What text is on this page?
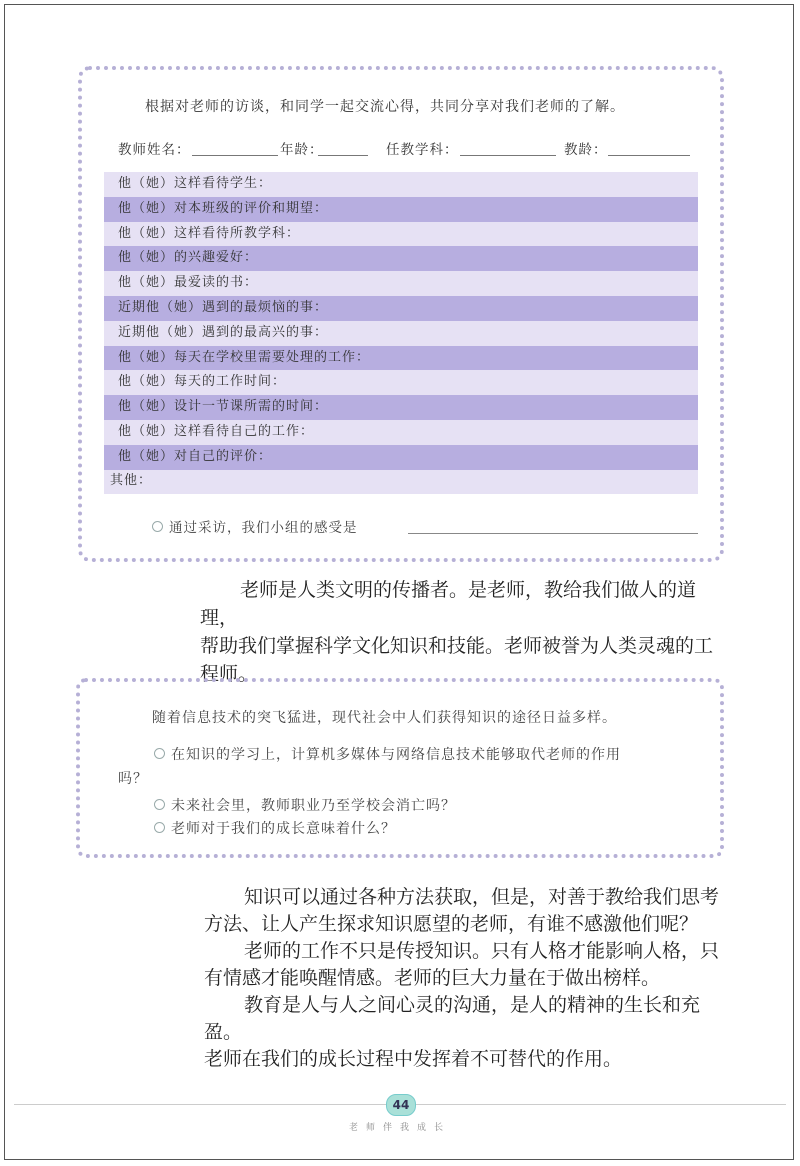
根据对老师的访谈，和同学一起交流心得，共同分享对我们老师的了解。
教师姓名：	年龄：	任教学科：	教龄：
他（她）这样看待学生：
他（她）对本班级的评价和期望：
他（她）这样看待所教学科：
他（她）的兴趣爱好：
他（她）最爱读的书：
近期他（她）遇到的最烦恼的事：
近期他（她）遇到的最高兴的事：
他（她）每天在学校里需要处理的工作：
他（她）每天的工作时间：
他（她）设计一节课所需的时间：
他（她）这样看待自己的工作：
他（她）对自己的评价：
其他：
通过采访，我们小组的感受是

老师是人类文明的传播者。是老师，教给我们做人的道理，

帮助我们掌握科学文化知识和技能。老师被誉为人类灵魂的工

程师。

随着信息技术的突飞猛进，现代社会中人们获得知识的途径日益多样。
在知识的学习上，计算机多媒体与网络信息技术能够取代老师的作用
吗？
未来社会里，教师职业乃至学校会消亡吗？
老师对于我们的成长意味着什么？

知识可以通过各种方法获取，但是，对善于教给我们思考

方法、让人产生探求知识愿望的老师，有谁不感激他们呢？

老师的工作不只是传授知识。只有人格才能影响人格，只

有情感才能唤醒情感。老师的巨大力量在于做出榜样。

教育是人与人之间心灵的沟通，是人的精神的生长和充盈。

老师在我们的成长过程中发挥着不可替代的作用。

44
老师伴我成长
